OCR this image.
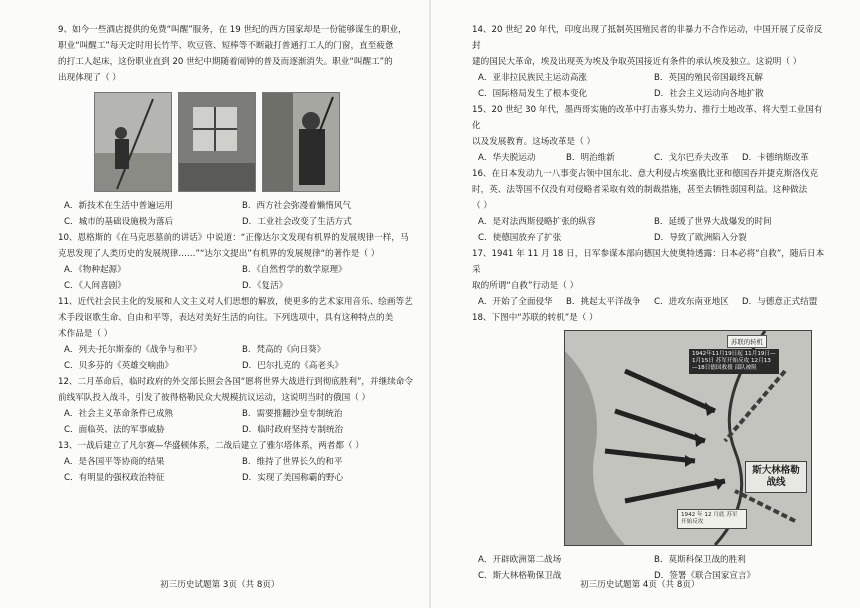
9、如今一些酒店提供的免费“叫醒”服务，在 19 世纪的西方国家却是一份能够谋生的职业，

职业“叫醒工”每天定时用长竹竿、吹豆管、短棒等不断敲打普通打工人的门窗，直至疲惫

的打工人起床，这份职业直到 20 世纪中期随着闹钟的普及而逐渐消失。职业“叫醒工”的

出现体现了（ ）

A．新技术在生活中普遍运用	B．西方社会弥漫着懒惰风气
C．城市的基础设施极为落后	D．工业社会改变了生活方式

10、恩格斯的《在马克思墓前的讲话》中说道：“正像达尔文发现有机界的发展规律一样，马

克思发现了人类历史的发展规律……”“达尔文提出”有机界的发展规律“的著作是（ ）

A．《物种起源》	B．《自然哲学的数学原理》
C．《人间喜剧》	D．《复活》

11、近代社会民主化的发展和人文主义对人们思想的解放，使更多的艺术家用音乐、绘画等艺

术手段讴歌生命、自由和平等，表达对美好生活的向往。下列选项中，具有这种特点的美

术作品是（ ）

A．列夫·托尔斯泰的《战争与和平》	B．梵高的《向日葵》
C．贝多芬的《英雄交响曲》	D．巴尔扎克的《高老头》

12、二月革命后，临时政府的外交部长照会各国“愿将世界大战进行到彻底胜利”，并继续命令

前线军队投入战斗，引发了彼得格勒民众大规模抗议运动，这说明当时的俄国（ ）

A．社会主义革命条件已成熟	B．需要推翻沙皇专制统治
C．面临英、法的军事威胁	D．临时政府坚持专制统治

13、一战后建立了凡尔赛—华盛顿体系，二战后建立了雅尔塔体系，两者都（ ）

A．是各国平等协商的结果	B．维持了世界长久的和平
C．有明显的强权政治特征	D．实现了美国称霸的野心
初三历史试题第 3页（共 8页）

14、20 世纪 20 年代，印度出现了抵制英国殖民者的非暴力不合作运动，中国开展了反帝反封

建的国民大革命，埃及出现英为埃及争取英国接近有条件的承认埃及独立。这说明（ ）

A．亚非拉民族民主运动高涨	B．英国的殖民帝国最终瓦解
C．国际格局发生了根本变化	D．社会主义运动向各地扩散

15、20 世纪 30 年代，墨西哥实施的改革中打击寡头势力、推行土地改革、将大型工业国有化

以及发展教育。这场改革是（ ）

A．华夫脱运动	B．明治维新	C．戈尔巴乔夫改革	D．卡德纳斯改革

16、在日本发动九一八事变占领中国东北、意大利侵占埃塞俄比亚和德国吞并捷克斯洛伐克

时，英、法等国不仅没有对侵略者采取有效的制裁措施，甚至去牺牲弱国利益。这种做法

（ ）

A．是对法西斯侵略扩张的纵容	B．延缓了世界大战爆发的时间
C．使德国放弃了扩张	D．导致了欧洲陷入分裂

17、1941 年 11 月 18 日，日军参谋本部向德国大使奥特透露：日本必将“自救”，随后日本采

取的所谓“自救”行动是（ ）

A．开始了全面侵华	B．挑起太平洋战争	C．进攻东南亚地区	D．与德意正式结盟

18、下图中“苏联的转机”是（ ）

苏联的转机
1942年11月19日起 11月19日—1月15日 苏军开始反攻 12月13—18日德国救援 部队被阻
斯大林格勒战线
1942 年 12 月底 苏军开始反攻
A．开辟欧洲第二战场	B．莫斯科保卫战的胜利
C．斯大林格勒保卫战	D．签署《联合国家宣言》
初三历史试题第 4页（共 8页）
